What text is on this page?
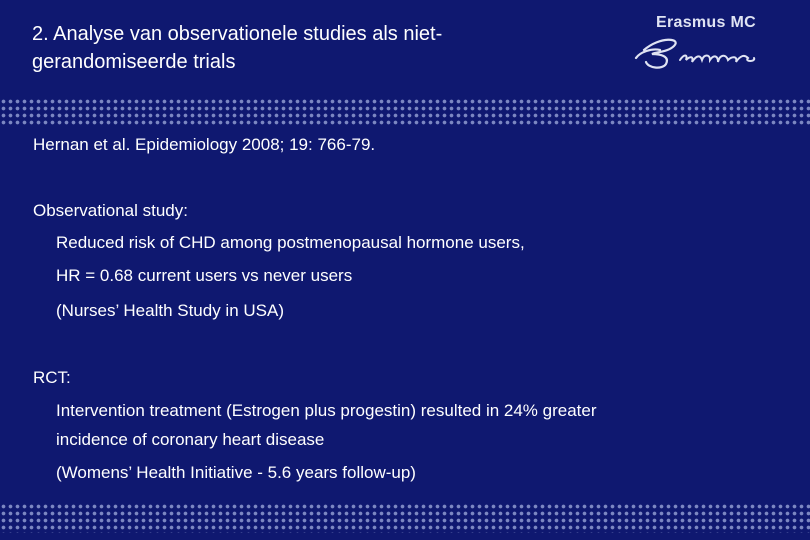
2. Analyse van observationele studies als niet-
gerandomiseerde trials
Erasmus MC
Hernan et al. Epidemiology 2008; 19: 766-79.
Observational study:
Reduced risk of CHD among postmenopausal hormone users,
HR = 0.68 current users vs never users
(Nurses’ Health Study in USA)
RCT:
Intervention treatment (Estrogen plus progestin) resulted in 24% greater
incidence of coronary heart disease
(Womens’ Health Initiative - 5.6 years follow-up)
